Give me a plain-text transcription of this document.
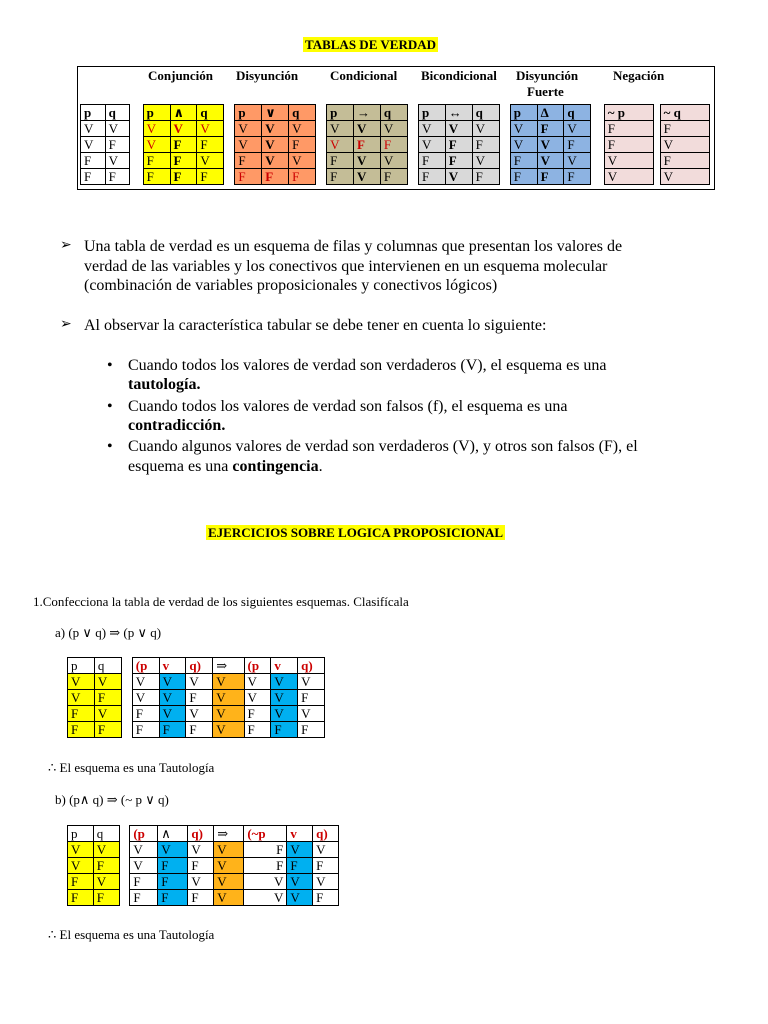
TABLAS DE VERDAD
Conjunción Disyunción Condicional Bicondicional Disyunción
Fuerte
Negación
p	q		p	∧	q		p	∨	q		p	→	q		p	↔	q		p	Δ	q		~ p		~ q
V	V		V	V	V		V	V	V		V	V	V		V	V	V		V	F	V		F		F
V	F		V	F	F		V	V	F		V	F	F		V	F	F		V	V	F		F		V
F	V		F	F	V		F	V	V		F	V	V		F	F	V		F	V	V		V		F
F	F		F	F	F		F	F	F		F	V	F		F	V	F		F	F	F		V		V
➢ Una tabla de verdad es un esquema de filas y columnas que presentan los valores de
verdad de las variables y los conectivos que intervienen en un esquema molecular
(combinación de variables proposicionales y conectivos lógicos)
➢ Al observar la característica tabular se debe tener en cuenta lo siguiente:
• Cuando todos los valores de verdad son verdaderos (V), el esquema es una
tautología.
• Cuando todos los valores de verdad son falsos (f), el esquema es una
contradicción.
• Cuando algunos valores de verdad son verdaderos (V), y otros son falsos (F), el
esquema es una contingencia.
EJERCICIOS SOBRE LOGICA PROPOSICIONAL
1.Confecciona la tabla de verdad de los siguientes esquemas. Clasifícala
a) (p ∨ q) ⇒ (p ∨ q)
p	q		(p	v	q)	⇒	(p	v	q)
V	V		V	V	V	V	V	V	V
V	F		V	V	F	V	V	V	F
F	V		F	V	V	V	F	V	V
F	F		F	F	F	V	F	F	F
∴ El esquema es una Tautología
b) (p∧ q) ⇒ (~ p ∨ q)
p	q		(p	∧	q)	⇒	(~p	v	q)
V	V		V	V	V	V	F	V	V
V	F		V	F	F	V	F	F	F
F	V		F	F	V	V	V	V	V
F	F		F	F	F	V	V	V	F
∴ El esquema es una Tautología
